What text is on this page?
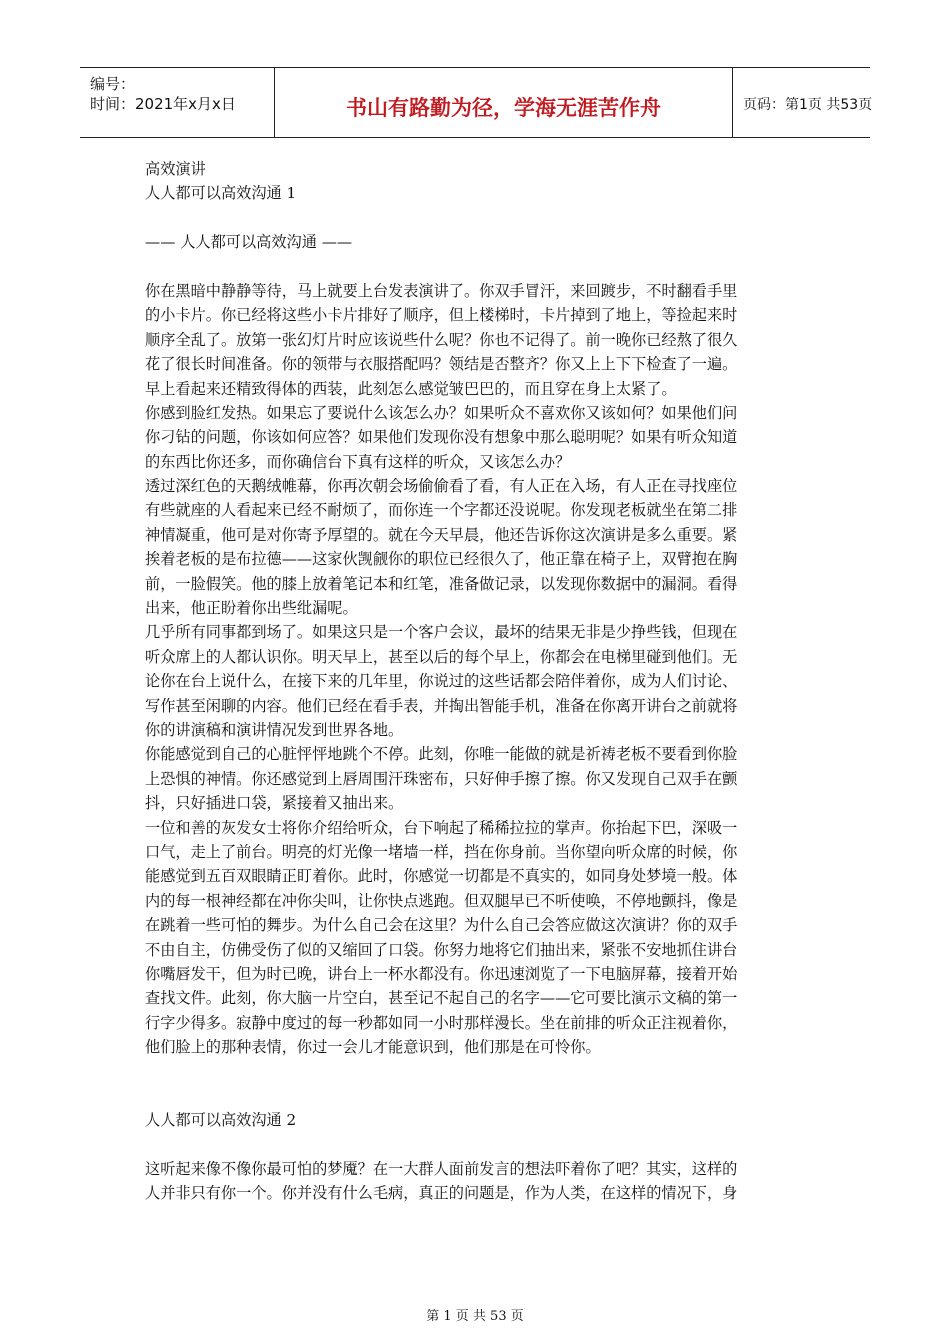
编号：
时间：2021年x月x日	书山有路勤为径，学海无涯苦作舟	页码：第1页 共53页
高效演讲
人人都可以高效沟通 1
—— 人人都可以高效沟通 ——
你在黑暗中静静等待，马上就要上台发表演讲了。你双手冒汗，来回踱步，不时翻看手里
的小卡片。你已经将这些小卡片排好了顺序，但上楼梯时，卡片掉到了地上，等捡起来时
顺序全乱了。放第一张幻灯片时应该说些什么呢？你也不记得了。前一晚你已经熬了很久
花了很长时间准备。你的领带与衣服搭配吗？领结是否整齐？你又上上下下检查了一遍。
早上看起来还精致得体的西装，此刻怎么感觉皱巴巴的，而且穿在身上太紧了。
你感到脸红发热。如果忘了要说什么该怎么办？如果听众不喜欢你又该如何？如果他们问
你刁钻的问题，你该如何应答？如果他们发现你没有想象中那么聪明呢？如果有听众知道
的东西比你还多，而你确信台下真有这样的听众，又该怎么办？
透过深红色的天鹅绒帷幕，你再次朝会场偷偷看了看，有人正在入场，有人正在寻找座位
有些就座的人看起来已经不耐烦了，而你连一个字都还没说呢。你发现老板就坐在第二排
神情凝重，他可是对你寄予厚望的。就在今天早晨，他还告诉你这次演讲是多么重要。紧
挨着老板的是布拉德——这家伙觊觎你的职位已经很久了，他正靠在椅子上，双臂抱在胸
前，一脸假笑。他的膝上放着笔记本和红笔，准备做记录，以发现你数据中的漏洞。看得
出来，他正盼着你出些纰漏呢。
几乎所有同事都到场了。如果这只是一个客户会议，最坏的结果无非是少挣些钱，但现在
听众席上的人都认识你。明天早上，甚至以后的每个早上，你都会在电梯里碰到他们。无
论你在台上说什么，在接下来的几年里，你说过的这些话都会陪伴着你，成为人们讨论、
写作甚至闲聊的内容。他们已经在看手表，并掏出智能手机，准备在你离开讲台之前就将
你的讲演稿和演讲情况发到世界各地。
你能感觉到自己的心脏怦怦地跳个不停。此刻，你唯一能做的就是祈祷老板不要看到你脸
上恐惧的神情。你还感觉到上唇周围汗珠密布，只好伸手擦了擦。你又发现自己双手在颤
抖，只好插进口袋，紧接着又抽出来。
一位和善的灰发女士将你介绍给听众，台下响起了稀稀拉拉的掌声。你抬起下巴，深吸一
口气，走上了前台。明亮的灯光像一堵墙一样，挡在你身前。当你望向听众席的时候，你
能感觉到五百双眼睛正盯着你。此时，你感觉一切都是不真实的，如同身处梦境一般。体
内的每一根神经都在冲你尖叫，让你快点逃跑。但双腿早已不听使唤，不停地颤抖，像是
在跳着一些可怕的舞步。为什么自己会在这里？为什么自己会答应做这次演讲？你的双手
不由自主，仿佛受伤了似的又缩回了口袋。你努力地将它们抽出来，紧张不安地抓住讲台
你嘴唇发干，但为时已晚，讲台上一杯水都没有。你迅速浏览了一下电脑屏幕，接着开始
查找文件。此刻，你大脑一片空白，甚至记不起自己的名字——它可要比演示文稿的第一
行字少得多。寂静中度过的每一秒都如同一小时那样漫长。坐在前排的听众正注视着你，
他们脸上的那种表情，你过一会儿才能意识到，他们那是在可怜你。
人人都可以高效沟通 2
这听起来像不像你最可怕的梦魇？在一大群人面前发言的想法吓着你了吧？其实，这样的
人并非只有你一个。你并没有什么毛病，真正的问题是，作为人类，在这样的情况下，身
第 1 页 共 53 页
